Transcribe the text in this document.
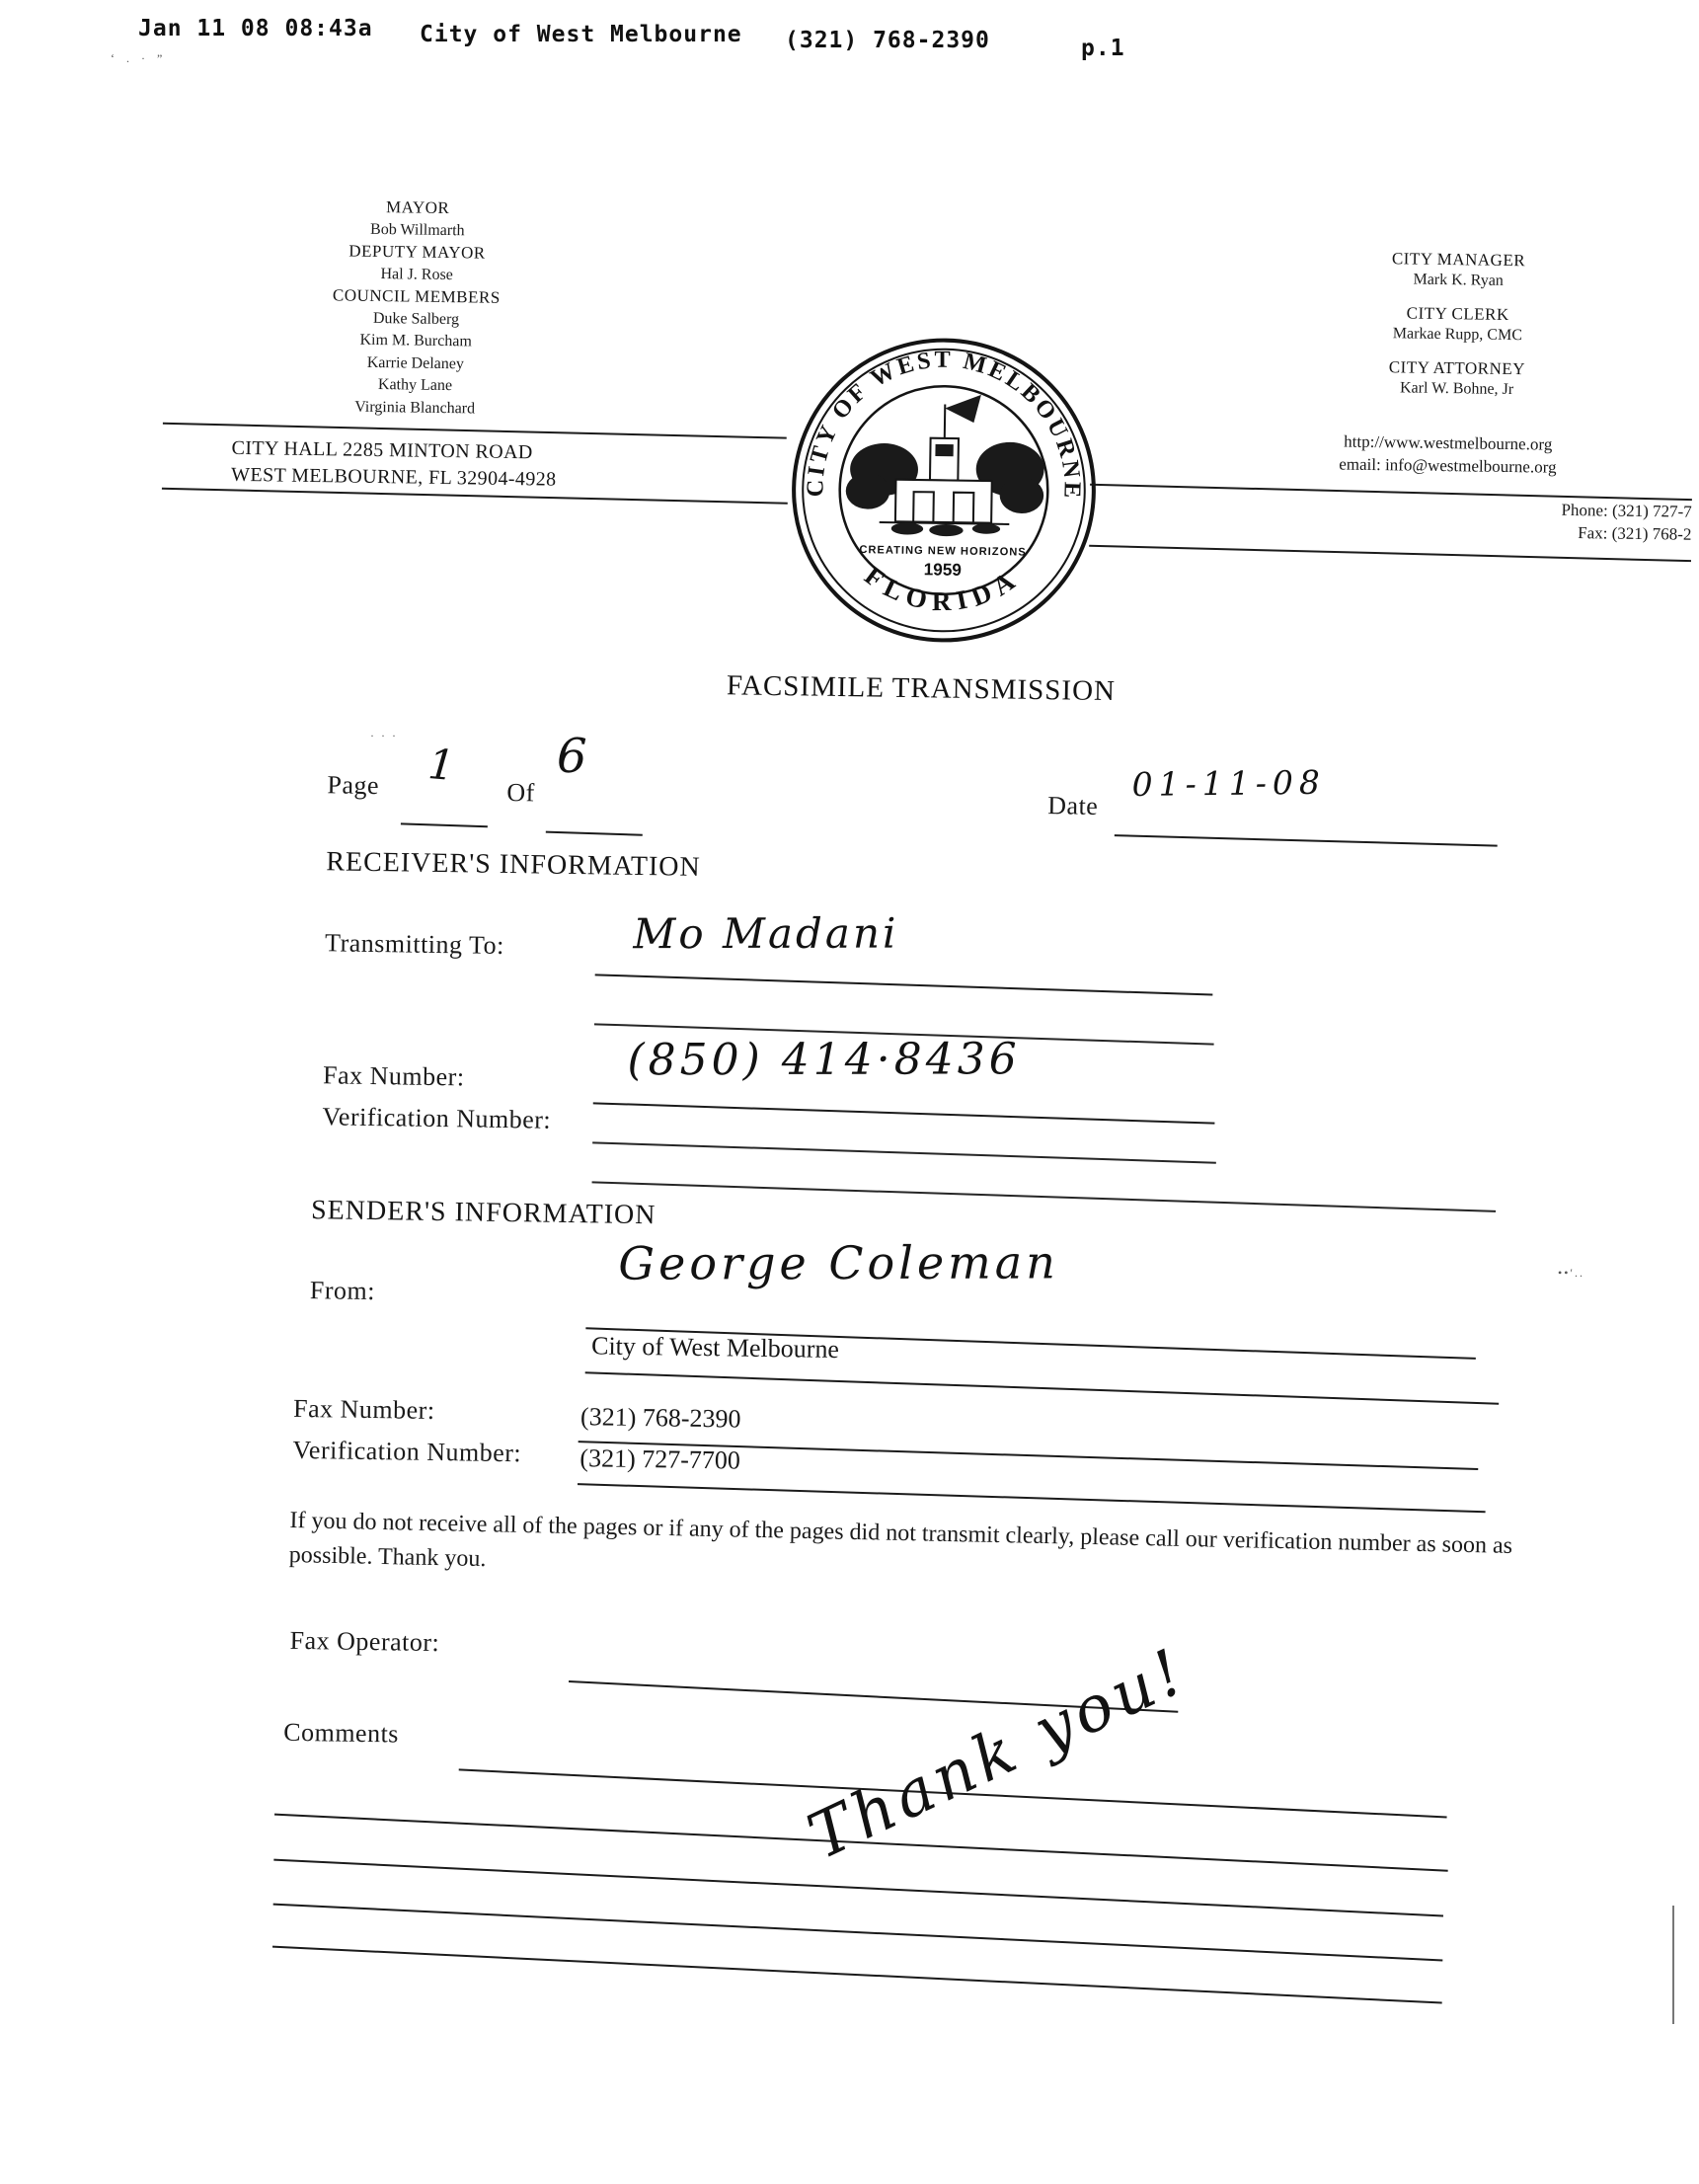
Jan 11 08 08:43a City of West Melbourne (321) 768-2390	p.1
‘  .  ·  ”
MAYOR
Bob Willmarth
DEPUTY MAYOR
Hal J. Rose
COUNCIL MEMBERS
Duke Salberg
Kim M. Burcham
Karrie Delaney
Kathy Lane
Virginia Blanchard
CITY MANAGER
Mark K. Ryan
CITY CLERK
Markae Rupp, CMC
CITY ATTORNEY
Karl W. Bohne, Jr
http://www.westmelbourne.org
email: info@westmelbourne.org
CITY HALL 2285 MINTON ROAD
WEST MELBOURNE, FL 32904-4928
Phone: (321) 727-7
Fax: (321) 768-2
CITY OF WEST MELBOURNE
FLORIDA
CREATING NEW HORIZONS
1959
FACSIMILE TRANSMISSION
Page 1
Of
6
Date
01-11-08
RECEIVER'S INFORMATION
Transmitting To:	Mo Madani
Fax Number:	(850) 414·8436
Verification Number:
SENDER'S INFORMATION
From:
George Coleman
City of West Melbourne
Fax Number:	(321) 768-2390
Verification Number: (321) 727-7700
If you do not receive all of the pages or if any of the pages did not transmit clearly, please call our verification number as soon as possible. Thank you.
Fax Operator:
Comments	Thank you!
· · ·
••′..
